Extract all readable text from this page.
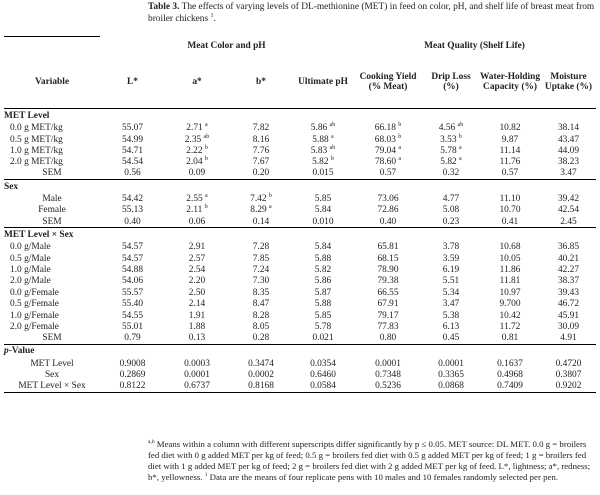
Table 3. The effects of varying levels of DL-methionine (MET) in feed on color, pH, and shelf life of breast meat from broiler chickens $^1$.
	Meat Color and pH				Meat Quality (Shelf Life)			
Variable	L*	a*	b*	Ultimate pH	Cooking Yield (% Meat)	Drip Loss (%)	Water-Holding Capacity (%)	Moisture Uptake (%)
MET Level								
0.0 g MET/kg	55.07	2.71 $^a$	7.82	5.86 $^{ab}$	66.18 $^b$	4.56 $^{ab}$	10.82	38.14
0.5 g MET/kg	54.99	2.35 $^{ab}$	8.16	5.88 $^a$	68.03 $^b$	3.53 $^b$	9.87	43.47
1.0 g MET/kg	54.71	2.22 $^b$	7.76	5.83 $^{ab}$	79.04 $^a$	5.78 $^a$	11.14	44.09
2.0 g MET/kg	54.54	2.04 $^b$	7.67	5.82 $^b$	78.60 $^a$	5.82 $^a$	11.76	38.23
SEM	0.56	0.09	0.20	0.015	0.57	0.32	0.57	3.47
Sex								
Male	54.42	2.55 $^a$	7.42 $^b$	5.85	73.06	4.77	11.10	39.42
Female	55.13	2.11 $^b$	8.29 $^a$	5.84	72.86	5.08	10.70	42.54
SEM	0.40	0.06	0.14	0.010	0.40	0.23	0.41	2.45
MET Level × Sex								
0.0 g/Male	54.57	2.91	7.28	5.84	65.81	3.78	10.68	36.85
0.5 g/Male	54.57	2.57	7.85	5.88	68.15	3.59	10.05	40.21
1.0 g/Male	54.88	2.54	7.24	5.82	78.90	6.19	11.86	42.27
2.0 g/Male	54.06	2.20	7.30	5.86	79.38	5.51	11.81	38.37
0.0 g/Female	55.57	2.50	8.35	5.87	66.55	5.34	10.97	39.43
0.5 g/Female	55.40	2.14	8.47	5.88	67.91	3.47	9.700	46.72
1.0 g/Female	54.55	1.91	8.28	5.85	79.17	5.38	10.42	45.91
2.0 g/Female	55.01	1.88	8.05	5.78	77.83	6.13	11.72	30.09
SEM	0.79	0.13	0.28	0.021	0.80	0.45	0.81	4.91
p-Value								
MET Level	0.9008	0.0003	0.3474	0.0354	0.0001	0.0001	0.1637	0.4720
Sex	0.2869	0.0001	0.0002	0.6460	0.7348	0.3365	0.4968	0.3807
MET Level × Sex	0.8122	0.6737	0.8168	0.0584	0.5236	0.0868	0.7409	0.9202
$^{a,b}$ Means within a column with different superscripts differ significantly by p ≤ 0.05. MET source: DL MET. 0.0 g = broilers fed diet with 0 g added MET per kg of feed; 0.5 g = broilers fed diet with 0.5 g added MET per kg of feed; 1 g = broilers fed diet with 1 g added MET per kg of feed; 2 g = broilers fed diet with 2 g added MET per kg of feed. L*, lightness; a*, redness; b*, yellowness. $^1$ Data are the means of four replicate pens with 10 males and 10 females randomly selected per pen.
